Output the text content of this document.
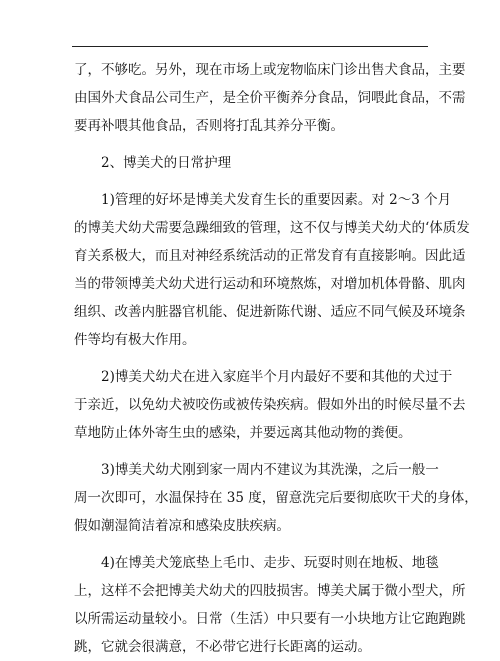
了，不够吃。另外，现在市场上或宠物临床门诊出售犬食品，主要
由国外犬食品公司生产，是全价平衡养分食品，饲喂此食品，不需
要再补喂其他食品，否则将打乱其养分平衡。
2、博美犬的日常护理
1)管理的好坏是博美犬发育生长的重要因素。对 2～3 个月
的博美犬幼犬需要急躁细致的管理，这不仅与博美犬幼犬的‘体质发
育关系极大，而且对神经系统活动的正常发育有直接影响。因此适
当的带领博美犬幼犬进行运动和环境熬炼，对增加机体骨骼、肌肉
组织、改善内脏器官机能、促进新陈代谢、适应不同气候及环境条
件等均有极大作用。
2)博美犬幼犬在进入家庭半个月内最好不要和其他的犬过于
于亲近，以免幼犬被咬伤或被传染疾病。假如外出的时候尽量不去
草地防止体外寄生虫的感染，并要远离其他动物的粪便。
3)博美犬幼犬刚到家一周内不建议为其洗澡，之后一般一
周一次即可，水温保持在 35 度，留意洗完后要彻底吹干犬的身体，
假如潮湿简洁着凉和感染皮肤疾病。
4)在博美犬笼底垫上毛巾、走步、玩耍时则在地板、地毯
上，这样不会把博美犬幼犬的四肢损害。博美犬属于微小型犬，所
以所需运动量较小。日常（生活）中只要有一小块地方让它跑跑跳
跳，它就会很满意，不必带它进行长距离的运动。
